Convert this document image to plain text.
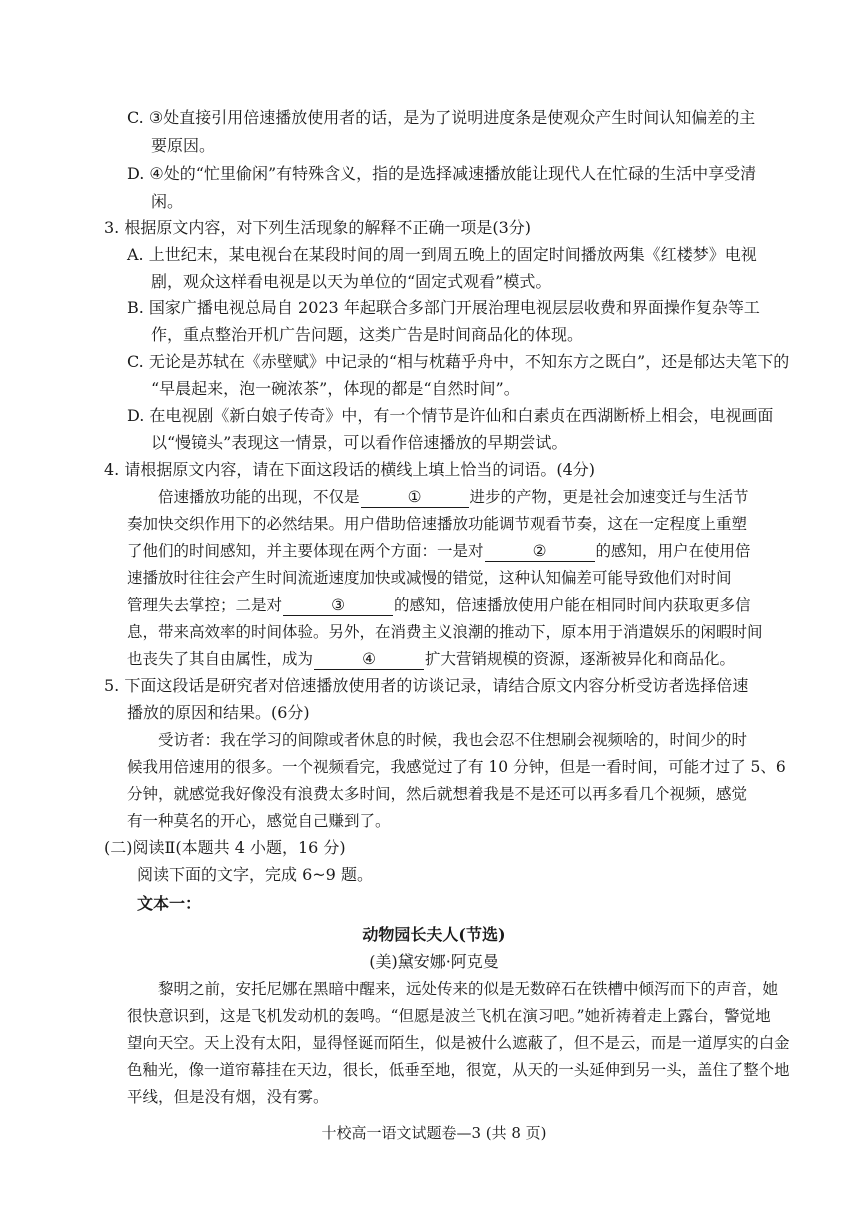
C. ③处直接引用倍速播放使用者的话，是为了说明进度条是使观众产生时间认知偏差的主
要原因。
D. ④处的“忙里偷闲”有特殊含义，指的是选择减速播放能让现代人在忙碌的生活中享受清
闲。
3. 根据原文内容，对下列生活现象的解释不正确一项是(3分)
A. 上世纪末，某电视台在某段时间的周一到周五晚上的固定时间播放两集《红楼梦》电视
剧，观众这样看电视是以天为单位的“固定式观看”模式。
B. 国家广播电视总局自 2023 年起联合多部门开展治理电视层层收费和界面操作复杂等工
作，重点整治开机广告问题，这类广告是时间商品化的体现。
C. 无论是苏轼在《赤壁赋》中记录的“相与枕藉乎舟中，不知东方之既白”，还是郁达夫笔下的
“早晨起来，泡一碗浓茶”，体现的都是“自然时间”。
D. 在电视剧《新白娘子传奇》中，有一个情节是许仙和白素贞在西湖断桥上相会，电视画面
以“慢镜头”表现这一情景，可以看作倍速播放的早期尝试。
4. 请根据原文内容，请在下面这段话的横线上填上恰当的词语。(4分)
倍速播放功能的出现，不仅是	①	进步的产物，更是社会加速变迁与生活节
奏加快交织作用下的必然结果。用户借助倍速播放功能调节观看节奏，这在一定程度上重塑
了他们的时间感知，并主要体现在两个方面：一是对	②	的感知，用户在使用倍
速播放时往往会产生时间流逝速度加快或减慢的错觉，这种认知偏差可能导致他们对时间
管理失去掌控；二是对	③	的感知，倍速播放使用户能在相同时间内获取更多信
息，带来高效率的时间体验。另外，在消费主义浪潮的推动下，原本用于消遣娱乐的闲暇时间
也丧失了其自由属性，成为	④	扩大营销规模的资源，逐渐被异化和商品化。
5. 下面这段话是研究者对倍速播放使用者的访谈记录，请结合原文内容分析受访者选择倍速
播放的原因和结果。(6分)
受访者：我在学习的间隙或者休息的时候，我也会忍不住想刷会视频啥的，时间少的时
候我用倍速用的很多。一个视频看完，我感觉过了有 10 分钟，但是一看时间，可能才过了 5、6
分钟，就感觉我好像没有浪费太多时间，然后就想着我是不是还可以再多看几个视频，感觉
有一种莫名的开心，感觉自己赚到了。
(二)阅读Ⅱ(本题共 4 小题，16 分)
阅读下面的文字，完成 6~9 题。
文本一：
动物园长夫人(节选)
(美)黛安娜·阿克曼
黎明之前，安托尼娜在黑暗中醒来，远处传来的似是无数碎石在铁槽中倾泻而下的声音，她
很快意识到，这是飞机发动机的轰鸣。“但愿是波兰飞机在演习吧。”她祈祷着走上露台，警觉地
望向天空。天上没有太阳，显得怪诞而陌生，似是被什么遮蔽了，但不是云，而是一道厚实的白金
色釉光，像一道帘幕挂在天边，很长，低垂至地，很宽，从天的一头延伸到另一头，盖住了整个地
平线，但是没有烟，没有雾。
十校高一语文试题卷—3 (共 8 页)
